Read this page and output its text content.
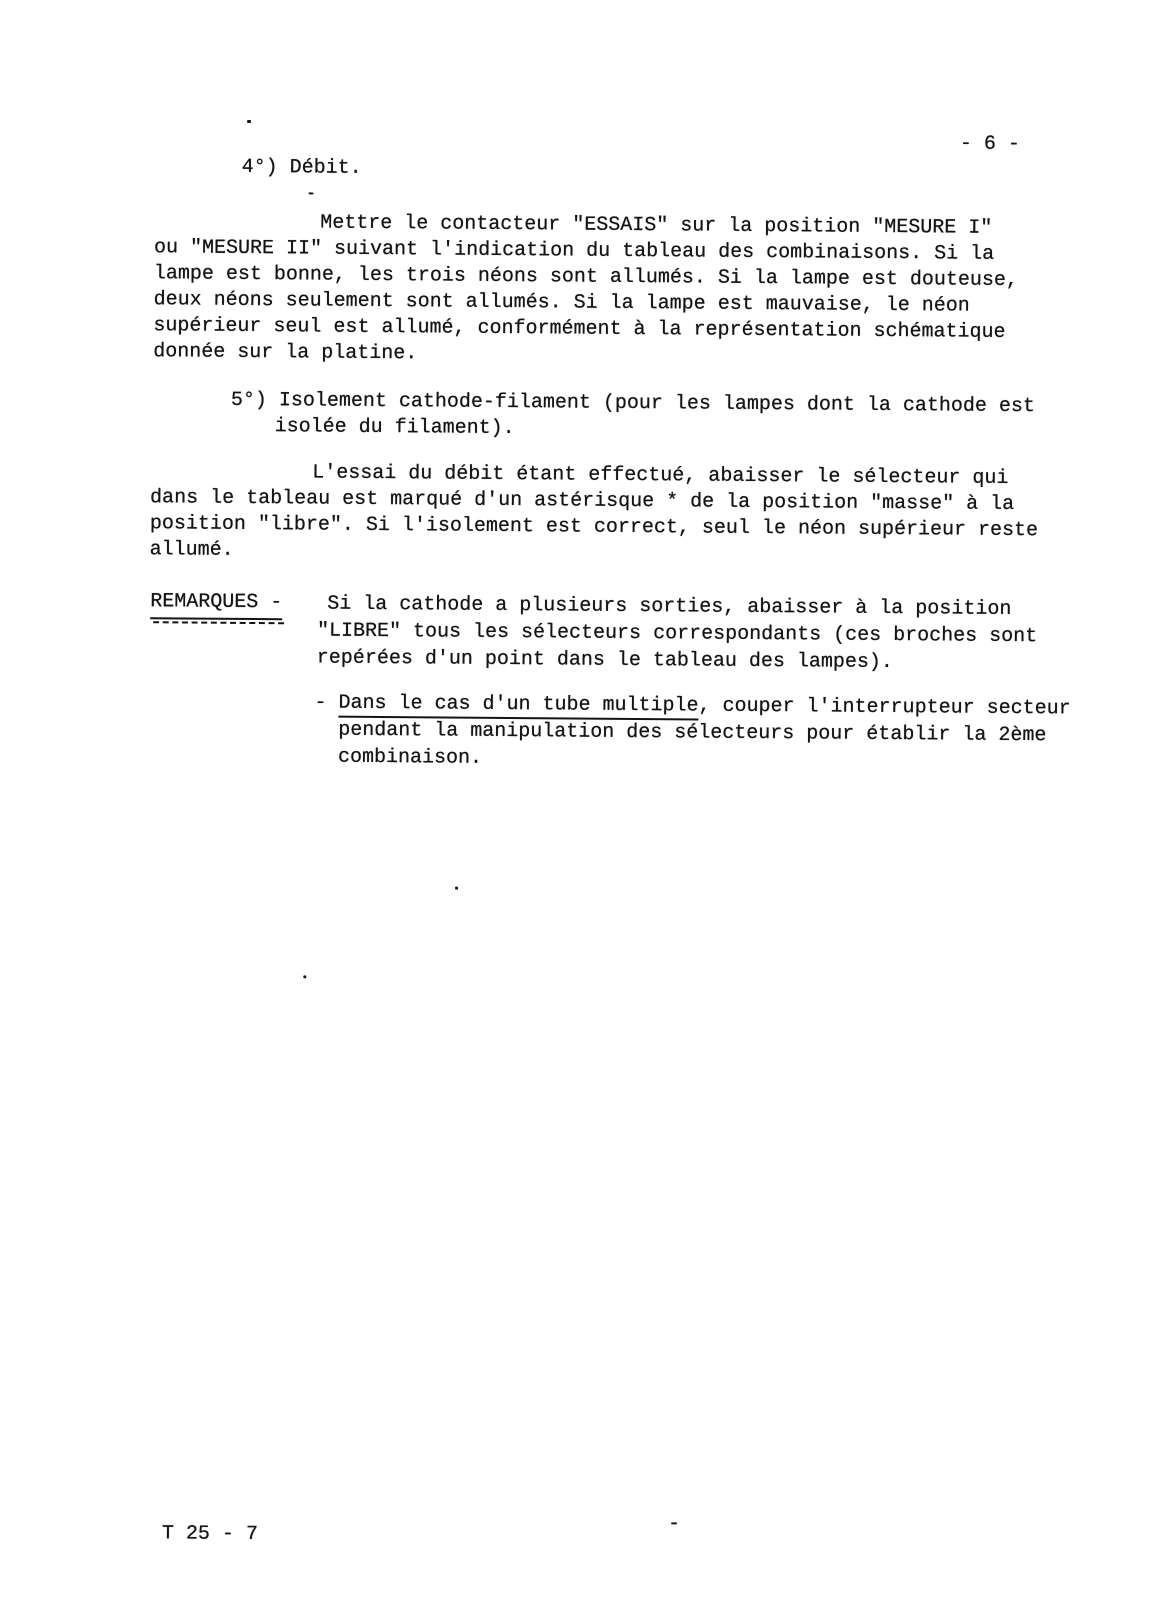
- 6 -
4°) Débit.
Mettre le contacteur "ESSAIS" sur la position "MESURE I"
ou "MESURE II" suivant l'indication du tableau des combinaisons. Si la
lampe est bonne, les trois néons sont allumés. Si la lampe est douteuse,
deux néons seulement sont allumés. Si la lampe est mauvaise, le néon
supérieur seul est allumé, conformément à la représentation schématique
donnée sur la platine.
5°) Isolement cathode-filament (pour les lampes dont la cathode est
isolée du filament).
L'essai du débit étant effectué, abaisser le sélecteur qui
dans le tableau est marqué d'un astérisque * de la position "masse" à la
position "libre". Si l'isolement est correct, seul le néon supérieur reste
allumé.
REMARQUES - Si la cathode a plusieurs sorties, abaisser à la position
"LIBRE" tous les sélecteurs correspondants (ces broches sont
repérées d'un point dans le tableau des lampes).
- Dans le cas d'un tube multiple, couper l'interrupteur secteur
pendant la manipulation des sélecteurs pour établir la 2ème
combinaison.
T 25 - 7
